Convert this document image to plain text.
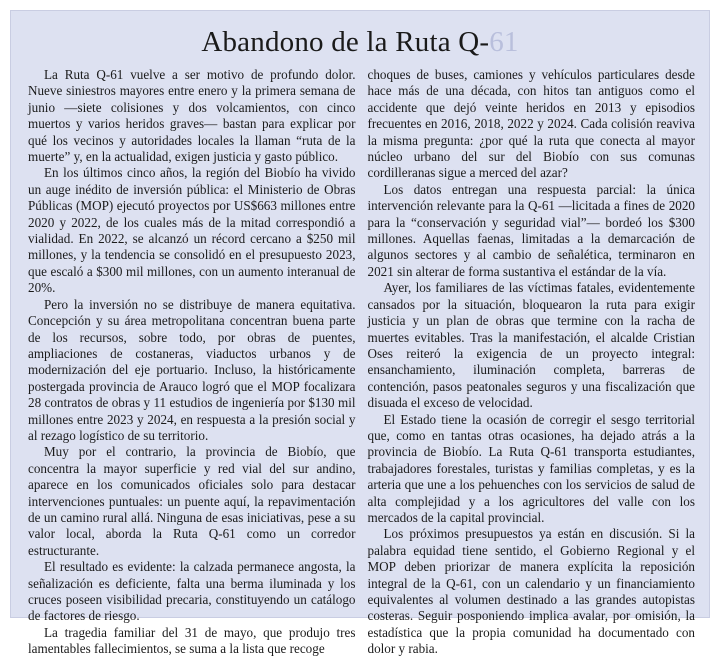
Abandono de la Ruta Q-61

La Ruta Q-61 vuelve a ser motivo de profundo dolor. Nueve siniestros mayores entre enero y la primera semana de junio —siete colisiones y dos volcamientos, con cinco muertos y varios heridos graves— bastan para explicar por qué los vecinos y autoridades locales la llaman “ruta de la muerte” y, en la actualidad, exigen justicia y gasto público.

En los últimos cinco años, la región del Biobío ha vivido un auge inédito de inversión pública: el Ministerio de Obras Públicas (MOP) ejecutó proyectos por US$663 millones entre 2020 y 2022, de los cuales más de la mitad correspondió a vialidad. En 2022, se alcanzó un récord cercano a $250 mil millones, y la tendencia se consolidó en el presupuesto 2023, que escaló a $300 mil millones, con un aumento interanual de 20%.

Pero la inversión no se distribuye de manera equitativa. Concepción y su área metropolitana concentran buena parte de los recursos, sobre todo, por obras de puentes, ampliaciones de costaneras, viaductos urbanos y de modernización del eje portuario. Incluso, la históricamente postergada provincia de Arauco logró que el MOP focalizara 28 contratos de obras y 11 estudios de ingeniería por $130 mil millones entre 2023 y 2024, en respuesta a la presión social y al rezago logístico de su territorio.

Muy por el contrario, la provincia de Biobío, que concentra la mayor superficie y red vial del sur andino, aparece en los comunicados oficiales solo para destacar intervenciones puntuales: un puente aquí, la repavimentación de un camino rural allá. Ninguna de esas iniciativas, pese a su valor local, aborda la Ruta Q-61 como un corredor estructurante.

El resultado es evidente: la calzada permanece angosta, la señalización es deficiente, falta una berma iluminada y los cruces poseen visibilidad precaria, constituyendo un catálogo de factores de riesgo.

La tragedia familiar del 31 de mayo, que produjo tres lamentables fallecimientos, se suma a la lista que recoge

choques de buses, camiones y vehículos particulares desde hace más de una década, con hitos tan antiguos como el accidente que dejó veinte heridos en 2013 y episodios frecuentes en 2016, 2018, 2022 y 2024. Cada colisión reaviva la misma pregunta: ¿por qué la ruta que conecta al mayor núcleo urbano del sur del Biobío con sus comunas cordilleranas sigue a merced del azar?

Los datos entregan una respuesta parcial: la única intervención relevante para la Q-61 —licitada a fines de 2020 para la “conservación y seguridad vial”— bordeó los $300 millones. Aquellas faenas, limitadas a la demarcación de algunos sectores y al cambio de señalética, terminaron en 2021 sin alterar de forma sustantiva el estándar de la vía.

Ayer, los familiares de las víctimas fatales, evidentemente cansados por la situación, bloquearon la ruta para exigir justicia y un plan de obras que termine con la racha de muertes evitables. Tras la manifestación, el alcalde Cristian Oses reiteró la exigencia de un proyecto integral: ensanchamiento, iluminación completa, barreras de contención, pasos peatonales seguros y una fiscalización que disuada el exceso de velocidad.

El Estado tiene la ocasión de corregir el sesgo territorial que, como en tantas otras ocasiones, ha dejado atrás a la provincia de Biobío. La Ruta Q-61 transporta estudiantes, trabajadores forestales, turistas y familias completas, y es la arteria que une a los pehuenches con los servicios de salud de alta complejidad y a los agricultores del valle con los mercados de la capital provincial.

Los próximos presupuestos ya están en discusión. Si la palabra equidad tiene sentido, el Gobierno Regional y el MOP deben priorizar de manera explícita la reposición integral de la Q-61, con un calendario y un financiamiento equivalentes al volumen destinado a las grandes autopistas costeras. Seguir posponiendo implica avalar, por omisión, la estadística que la propia comunidad ha documentado con dolor y rabia.
